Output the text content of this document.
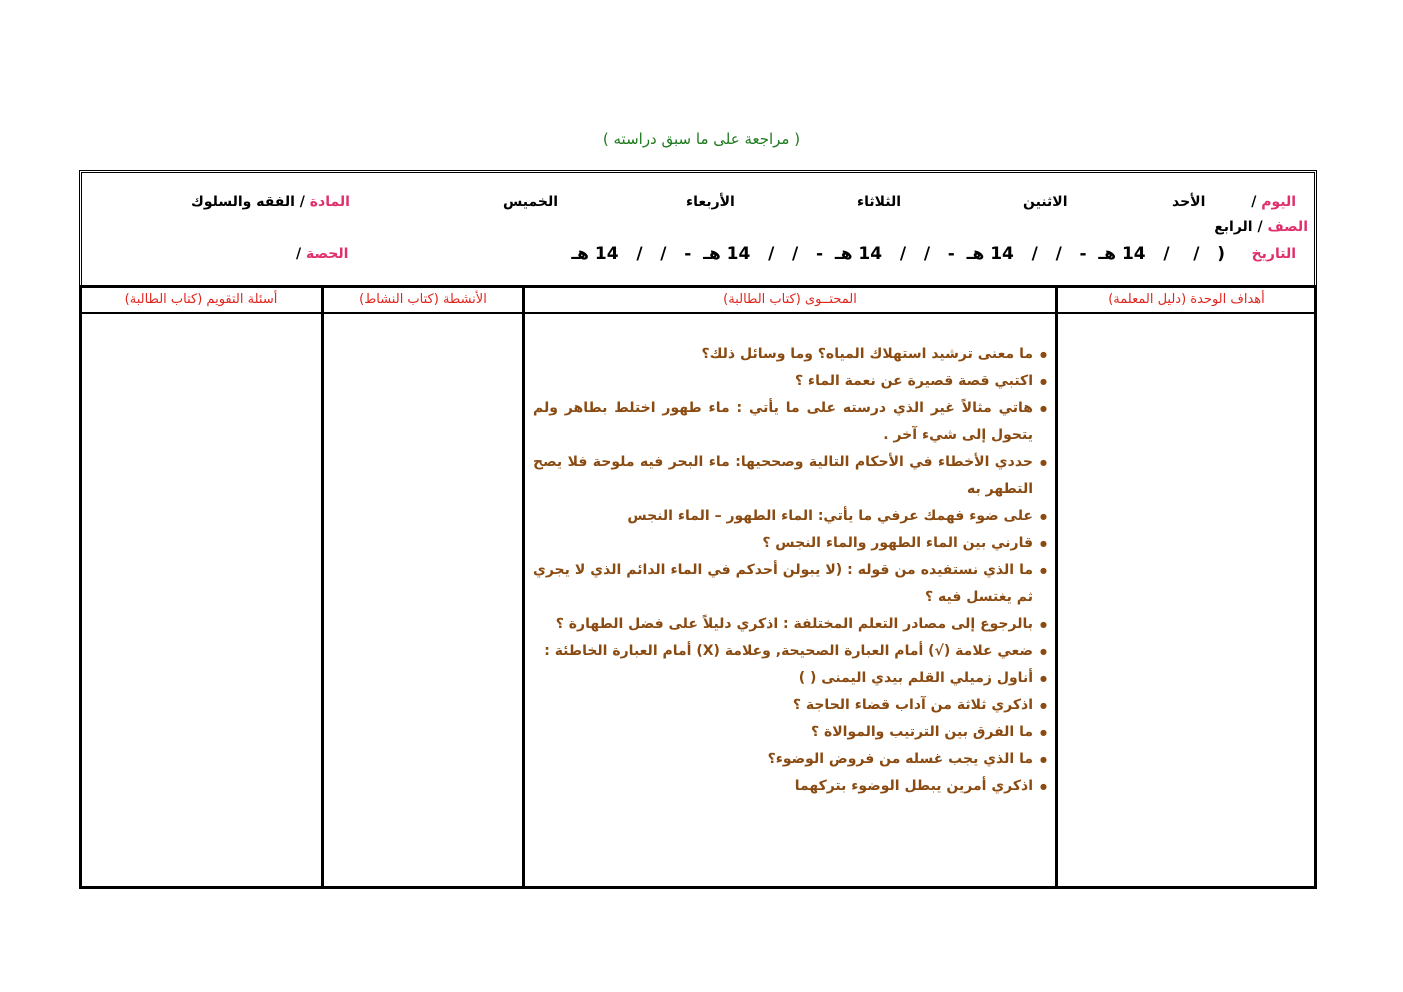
( مراجعة على ما سبق دراسته )
اليوم /
الأحد
الاثنين
الثلاثاء
الأربعاء
الخميس
المادة / الفقه والسلوك
الصف / الرابع
التاريخ
(   /    /   14 هـ  -   /   /   14 هـ  -   /   /   14 هـ  -   /   /   14 هـ  -   /   /   14 هـ
الحصة /
أهداف الوحدة (دليل المعلمة)
المحتــوى (كتاب الطالبة)
● ما معنى ترشيد استهلاك المياه؟ وما وسائل ذلك؟
● اكتبي قصة قصيرة عن نعمة الماء ؟
● هاتي مثالاً غير الذي درسته على ما يأتي : ماء طهور اختلط بطاهر ولم يتحول إلى شيء آخر .
● حددي الأخطاء في الأحكام التالية وصححيها: ماء البحر فيه ملوحة فلا يصح التطهر به
● على ضوء فهمك عرفي ما يأتي: الماء الطهور – الماء النجس
● قارني بين الماء الطهور والماء النجس ؟
● ما الذي نستفيده من قوله : (لا يبولن أحدكم في الماء الدائم الذي لا يجري ثم يغتسل فيه ؟
● بالرجوع إلى مصادر التعلم المختلفة : اذكري دليلاً على فضل الطهارة ؟
● ضعي علامة (√) أمام العبارة الصحيحة, وعلامة (X) أمام العبارة الخاطئة :
● أناول زميلي القلم بيدي اليمنى ( )
● اذكري ثلاثة من آداب قضاء الحاجة ؟
● ما الفرق بين الترتيب والموالاة ؟
● ما الذي يجب غسله من فروض الوضوء؟
● اذكري أمرين يبطل الوضوء بتركهما
الأنشطة (كتاب النشاط)
أسئلة التقويم (كتاب الطالبة)
